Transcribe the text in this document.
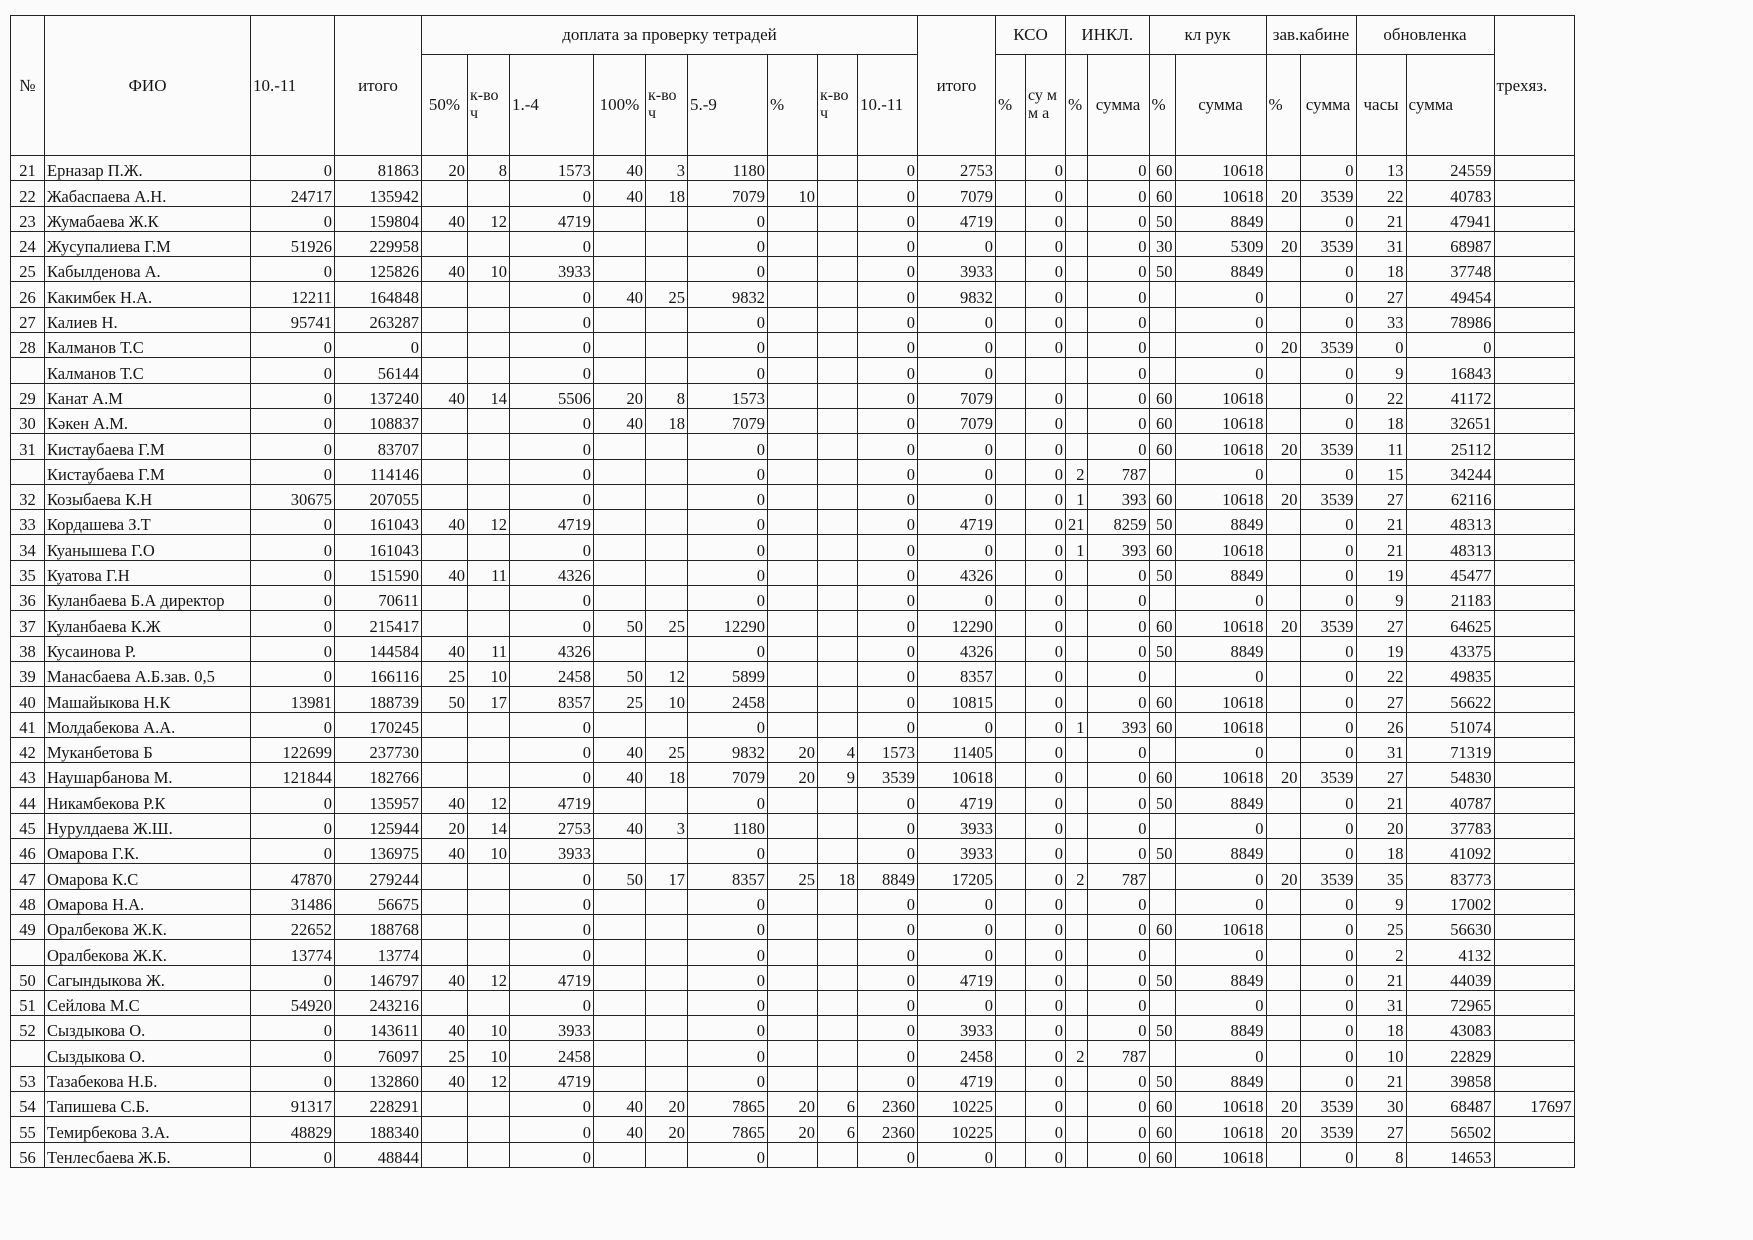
№	ФИО	10.-11	итого	доплата за проверку тетрадей									итого	КСО		ИНКЛ.		кл рук		зав.кабине		обновленка		трехяз.
				50%	к-во ч	1.-4	100%	к-во ч	5.-9	%	к-во ч	10.-11		%	су мм а	%	сумма	%	сумма	%	сумма	часы	сумма	
21	Ерназар П.Ж.	0	81863	20	8	1573	40	3	1180			0	2753		0		0	60	10618		0	13	24559	
22	Жабаспаева А.Н.	24717	135942			0	40	18	7079	10		0	7079		0		0	60	10618	20	3539	22	40783	
23	Жумабаева Ж.К	0	159804	40	12	4719			0			0	4719		0		0	50	8849		0	21	47941	
24	Жусупалиева Г.М	51926	229958			0			0			0	0		0		0	30	5309	20	3539	31	68987	
25	Кабылденова А.	0	125826	40	10	3933			0			0	3933		0		0	50	8849		0	18	37748	
26	Какимбек Н.А.	12211	164848			0	40	25	9832			0	9832		0		0		0		0	27	49454	
27	Калиев Н.	95741	263287			0			0			0	0		0		0		0		0	33	78986	
28	Калманов Т.С	0	0			0			0			0	0		0		0		0	20	3539	0	0	
	Калманов Т.С	0	56144			0			0			0	0				0		0		0	9	16843	
29	Канат А.М	0	137240	40	14	5506	20	8	1573			0	7079		0		0	60	10618		0	22	41172	
30	Кәкен А.М.	0	108837			0	40	18	7079			0	7079		0		0	60	10618		0	18	32651	
31	Кистаубаева Г.М	0	83707			0			0			0	0		0		0	60	10618	20	3539	11	25112	
	Кистаубаева Г.М	0	114146			0			0			0	0		0	2	787		0		0	15	34244	
32	Козыбаева К.Н	30675	207055			0			0			0	0		0	1	393	60	10618	20	3539	27	62116	
33	Кордашева З.Т	0	161043	40	12	4719			0			0	4719		0	21	8259	50	8849		0	21	48313	
34	Куанышева Г.О	0	161043			0			0			0	0		0	1	393	60	10618		0	21	48313	
35	Куатова Г.Н	0	151590	40	11	4326			0			0	4326		0		0	50	8849		0	19	45477	
36	Куланбаева Б.А директор	0	70611			0			0			0	0		0		0		0		0	9	21183	
37	Куланбаева К.Ж	0	215417			0	50	25	12290			0	12290		0		0	60	10618	20	3539	27	64625	
38	Кусаинова Р.	0	144584	40	11	4326			0			0	4326		0		0	50	8849		0	19	43375	
39	Манасбаева А.Б.зав. 0,5	0	166116	25	10	2458	50	12	5899			0	8357		0		0		0		0	22	49835	
40	Машайыкова Н.К	13981	188739	50	17	8357	25	10	2458			0	10815		0		0	60	10618		0	27	56622	
41	Молдабекова А.А.	0	170245			0			0			0	0		0	1	393	60	10618		0	26	51074	
42	Муканбетова Б	122699	237730			0	40	25	9832	20	4	1573	11405		0		0		0		0	31	71319	
43	Наушарбанова М.	121844	182766			0	40	18	7079	20	9	3539	10618		0		0	60	10618	20	3539	27	54830	
44	Никамбекова Р.К	0	135957	40	12	4719			0			0	4719		0		0	50	8849		0	21	40787	
45	Нурулдаева Ж.Ш.	0	125944	20	14	2753	40	3	1180			0	3933		0		0		0		0	20	37783	
46	Омарова Г.К.	0	136975	40	10	3933			0			0	3933		0		0	50	8849		0	18	41092	
47	Омарова К.С	47870	279244			0	50	17	8357	25	18	8849	17205		0	2	787		0	20	3539	35	83773	
48	Омарова Н.А.	31486	56675			0			0			0	0		0		0		0		0	9	17002	
49	Оралбекова Ж.К.	22652	188768			0			0			0	0		0		0	60	10618		0	25	56630	
	Оралбекова Ж.К.	13774	13774			0			0			0	0		0		0		0		0	2	4132	
50	Сагындыкова Ж.	0	146797	40	12	4719			0			0	4719		0		0	50	8849		0	21	44039	
51	Сейлова М.С	54920	243216			0			0			0	0		0		0		0		0	31	72965	
52	Сыздыкова О.	0	143611	40	10	3933			0			0	3933		0		0	50	8849		0	18	43083	
	Сыздыкова О.	0	76097	25	10	2458			0			0	2458		0	2	787		0		0	10	22829	
53	Тазабекова Н.Б.	0	132860	40	12	4719			0			0	4719		0		0	50	8849		0	21	39858	
54	Тапишева С.Б.	91317	228291			0	40	20	7865	20	6	2360	10225		0		0	60	10618	20	3539	30	68487	17697
55	Темирбекова З.А.	48829	188340			0	40	20	7865	20	6	2360	10225		0		0	60	10618	20	3539	27	56502	
56	Тенлесбаева Ж.Б.	0	48844			0			0			0	0		0		0	60	10618		0	8	14653	
